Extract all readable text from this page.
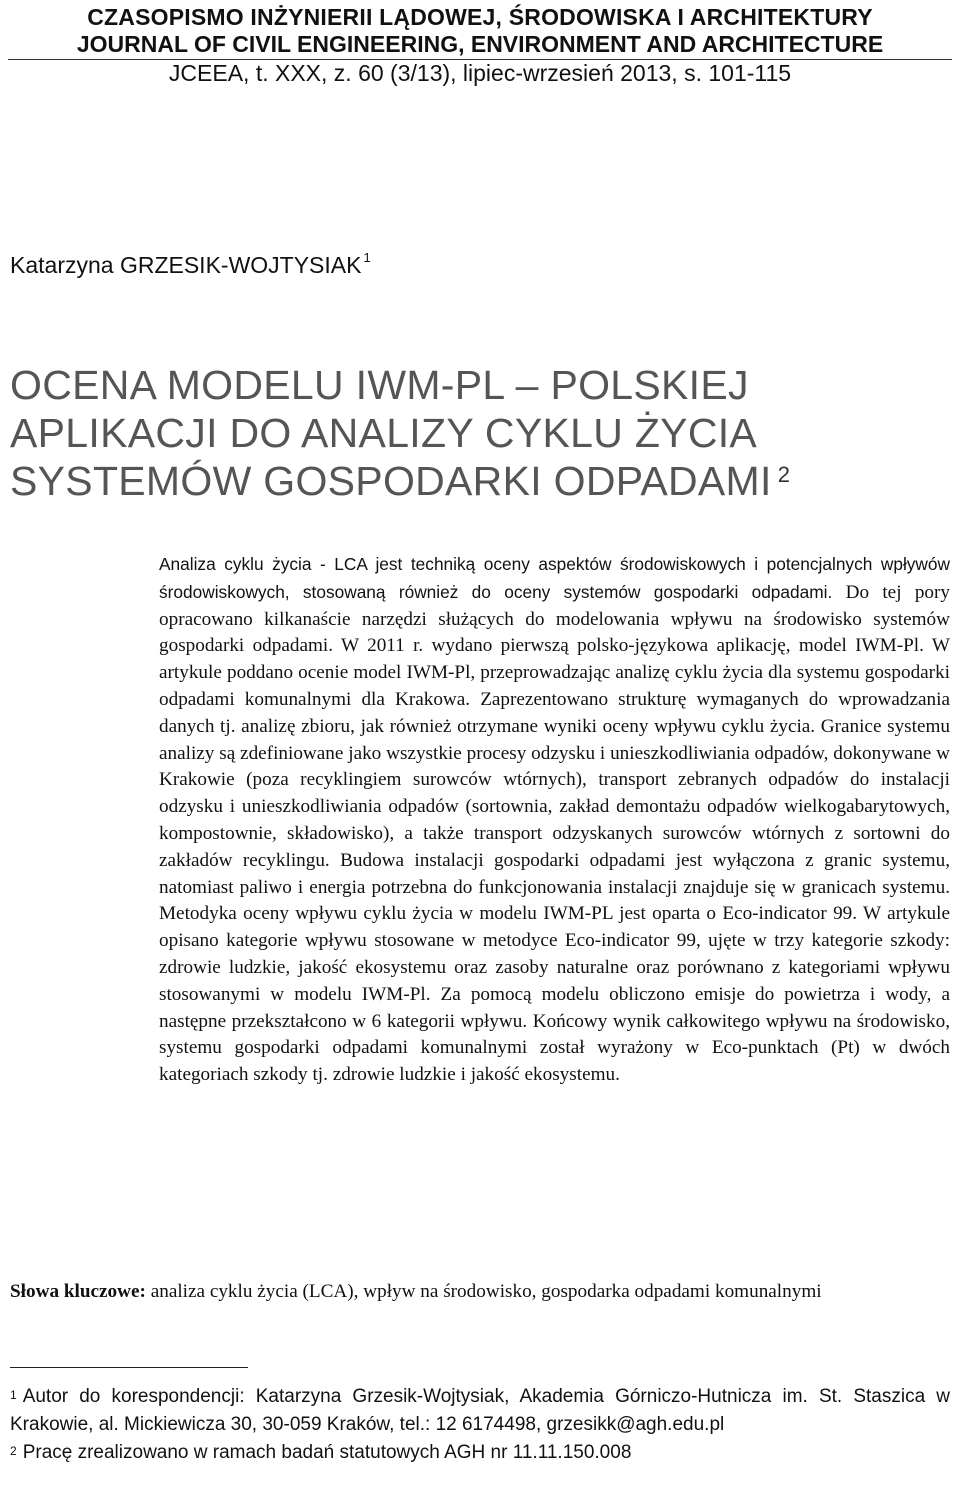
CZASOPISMO INŻYNIERII LĄDOWEJ, ŚRODOWISKA I ARCHITEKTURY
JOURNAL OF CIVIL ENGINEERING, ENVIRONMENT AND ARCHITECTURE
JCEEA, t. XXX, z. 60 (3/13), lipiec-wrzesień 2013, s. 101-115
Katarzyna GRZESIK-WOJTYSIAK $^1$
OCENA MODELU IWM-PL – POLSKIEJ
APLIKACJI DO ANALIZY CYKLU ŻYCIA
SYSTEMÓW GOSPODARKI ODPADAMI $^2$
Analiza cyklu życia - LCA jest techniką oceny aspektów środowiskowych i potencjalnych wpływów środowiskowych, stosowaną również do oceny systemów gospodarki odpadami. Do tej pory opracowano kilkanaście narzędzi służących do modelowania wpływu na środowisko systemów gospodarki odpadami. W 2011 r. wydano pierwszą polsko-językowa aplikację, model IWM-Pl. W artykule poddano ocenie model IWM-Pl, przeprowadzając analizę cyklu życia dla systemu gospodarki odpadami komunalnymi dla Krakowa. Zaprezentowano strukturę wymaganych do wprowadzania danych tj. analizę zbioru, jak również otrzymane wyniki oceny wpływu cyklu życia. Granice systemu analizy są zdefiniowane jako wszystkie procesy odzysku i unieszkodliwiania odpadów, dokonywane w Krakowie (poza recyklingiem surowców wtórnych), transport zebranych odpadów do instalacji odzysku i unieszkodliwiania odpadów (sortownia, zakład demontażu odpadów wielkogabarytowych, kompostownie, składowisko), a także transport odzyskanych surowców wtórnych z sortowni do zakładów recyklingu. Budowa instalacji gospodarki odpadami jest wyłączona z granic systemu, natomiast paliwo i energia potrzebna do funkcjonowania instalacji znajduje się w granicach systemu. Metodyka oceny wpływu cyklu życia w modelu IWM-PL jest oparta o Eco-indicator 99. W artykule opisano kategorie wpływu stosowane w metodyce Eco-indicator 99, ujęte w trzy kategorie szkody: zdrowie ludzkie, jakość ekosystemu oraz zasoby naturalne oraz porównano z kategoriami wpływu stosowanymi w modelu IWM-Pl. Za pomocą modelu obliczono emisje do powietrza i wody, a następne przekształcono w 6 kategorii wpływu. Końcowy wynik całkowitego wpływu na środowisko, systemu gospodarki odpadami komunalnymi został wyrażony w Eco-punktach (Pt) w dwóch kategoriach szkody tj. zdrowie ludzkie i jakość ekosystemu.
Słowa kluczowe: analiza cyklu życia (LCA), wpływ na środowisko, gospodarka odpadami komunalnymi

$^1$ Autor do korespondencji: Katarzyna Grzesik-Wojtysiak, Akademia Górniczo-Hutnicza im. St. Staszica w Krakowie, al. Mickiewicza 30, 30-059 Kraków, tel.: 12 6174498, grzesikk@agh.edu.pl

$^2$ Pracę zrealizowano w ramach badań statutowych AGH nr 11.11.150.008
